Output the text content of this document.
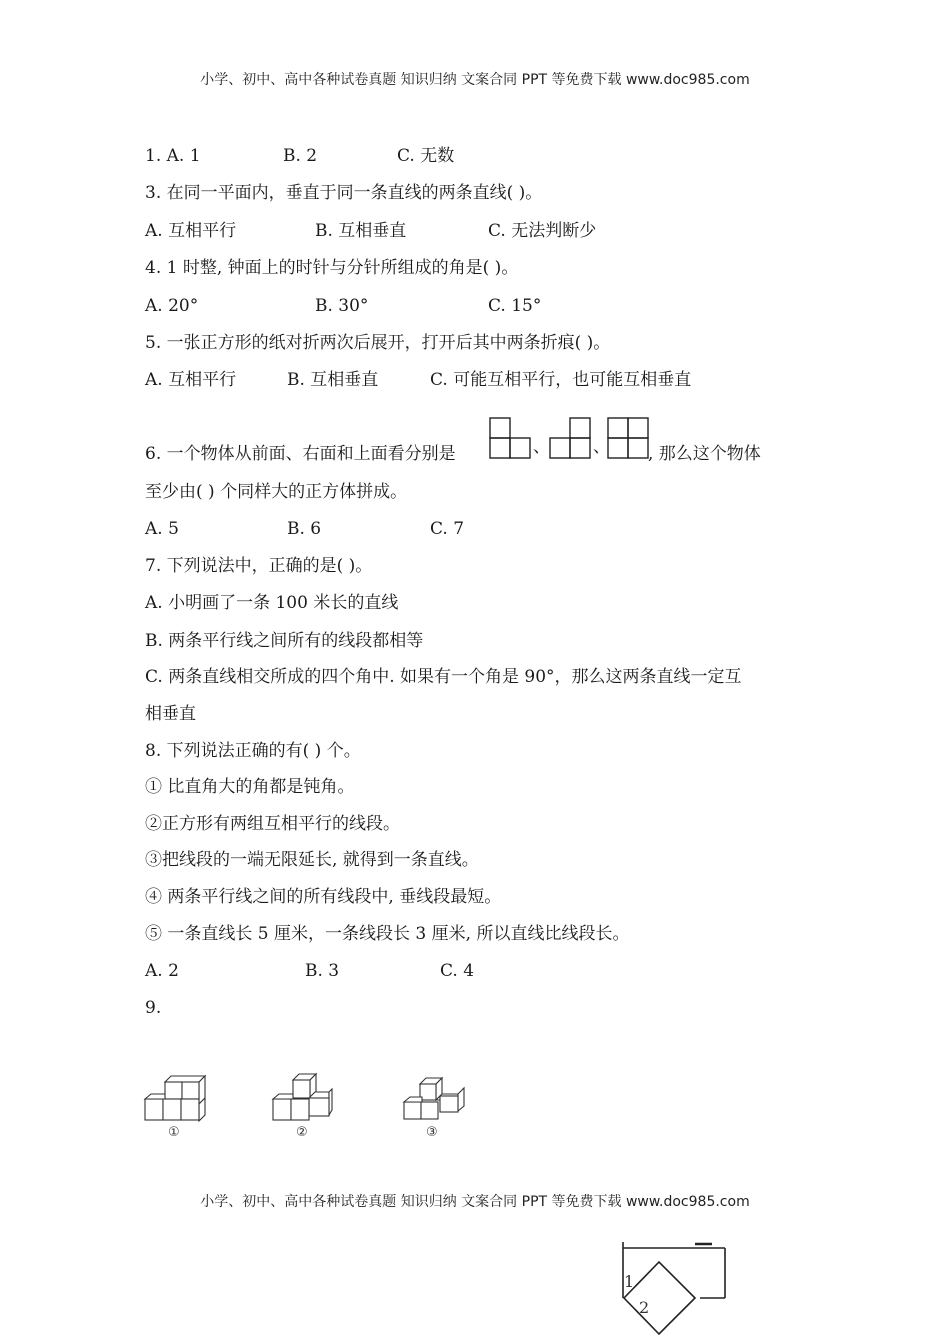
小学、初中、高中各种试卷真题 知识归纳 文案合同 PPT 等免费下载 www.doc985.com
1. A. 1	B. 2	C. 无数
3. 在同一平面内，垂直于同一条直线的两条直线( )。
A. 互相平行	B. 互相垂直	C. 无法判断少
4. 1 时整, 钟面上的时针与分针所组成的角是( )。
A. 20°	B. 30°	C. 15°
5. 一张正方形的纸对折两次后展开，打开后其中两条折痕( )。
A. 互相平行	B. 互相垂直	C. 可能互相平行，也可能互相垂直
6. 一个物体从前面、右面和上面看分别是	、	、 , 那么这个物体
至少由( ) 个同样大的正方体拼成。
A. 5	B. 6	C. 7
7. 下列说法中，正确的是( )。
A. 小明画了一条 100 米长的直线
B. 两条平行线之间所有的线段都相等
C. 两条直线相交所成的四个角中. 如果有一个角是 90°，那么这两条直线一定互
相垂直
8. 下列说法正确的有( ) 个。
① 比直角大的角都是钝角。
②正方形有两组互相平行的线段。
③把线段的一端无限延长, 就得到一条直线。
④ 两条平行线之间的所有线段中, 垂线段最短。
⑤ 一条直线长 5 厘米，一条线段长 3 厘米, 所以直线比线段长。
A. 2	B. 3	C. 4
9.
①	②	③
小学、初中、高中各种试卷真题 知识归纳 文案合同 PPT 等免费下载 www.doc985.com
1
2
